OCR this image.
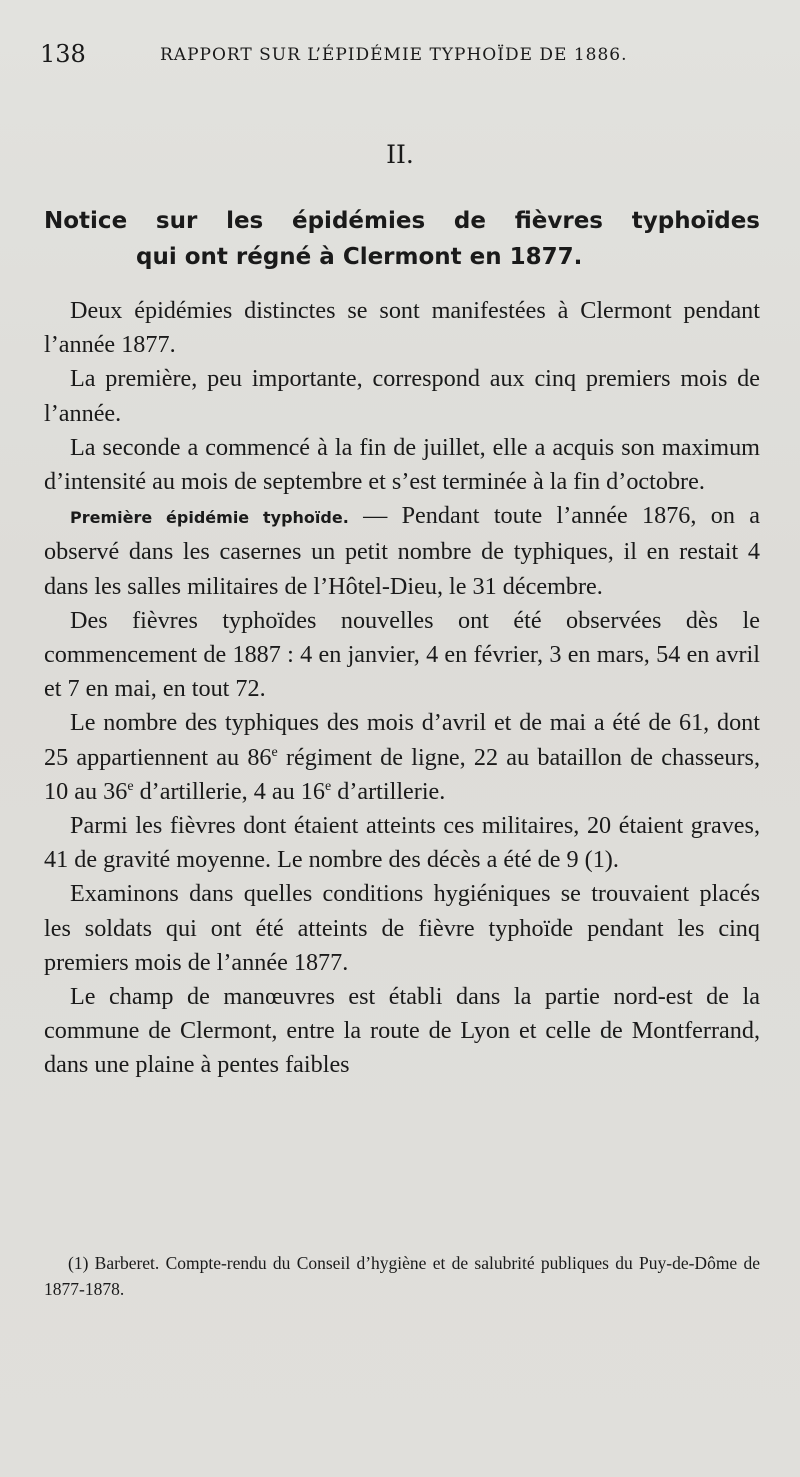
138	RAPPORT SUR L’ÉPIDÉMIE TYPHOÏDE DE 1886.
II.
Notice sur les épidémies de fièvres typhoïdes
qui ont régné à Clermont en 1877.

Deux épidémies distinctes se sont manifestées à Clermont pendant l’année 1877.

La première, peu importante, correspond aux cinq premiers mois de l’année.

La seconde a commencé à la fin de juillet, elle a acquis son maximum d’intensité au mois de septembre et s’est terminée à la fin d’octobre.

Première épidémie typhoïde. — Pendant toute l’année 1876, on a observé dans les casernes un petit nombre de typhiques, il en restait 4 dans les salles militaires de l’Hôtel-Dieu, le 31 décembre.

Des fièvres typhoïdes nouvelles ont été observées dès le commencement de 1887 : 4 en janvier, 4 en février, 3 en mars, 54 en avril et 7 en mai, en tout 72.

Le nombre des typhiques des mois d’avril et de mai a été de 61, dont 25 appartiennent au 86e régiment de ligne, 22 au bataillon de chasseurs, 10 au 36e d’artillerie, 4 au 16e d’artillerie.

Parmi les fièvres dont étaient atteints ces militaires, 20 étaient graves, 41 de gravité moyenne. Le nombre des décès a été de 9 (1).

Examinons dans quelles conditions hygiéniques se trouvaient placés les soldats qui ont été atteints de fièvre typhoïde pendant les cinq premiers mois de l’année 1877.

Le champ de manœuvres est établi dans la partie nord-est de la commune de Clermont, entre la route de Lyon et celle de Montferrand, dans une plaine à pentes faibles

(1) Barberet. Compte-rendu du Conseil d’hygiène et de salubrité publiques du Puy-de-Dôme de 1877-1878.
